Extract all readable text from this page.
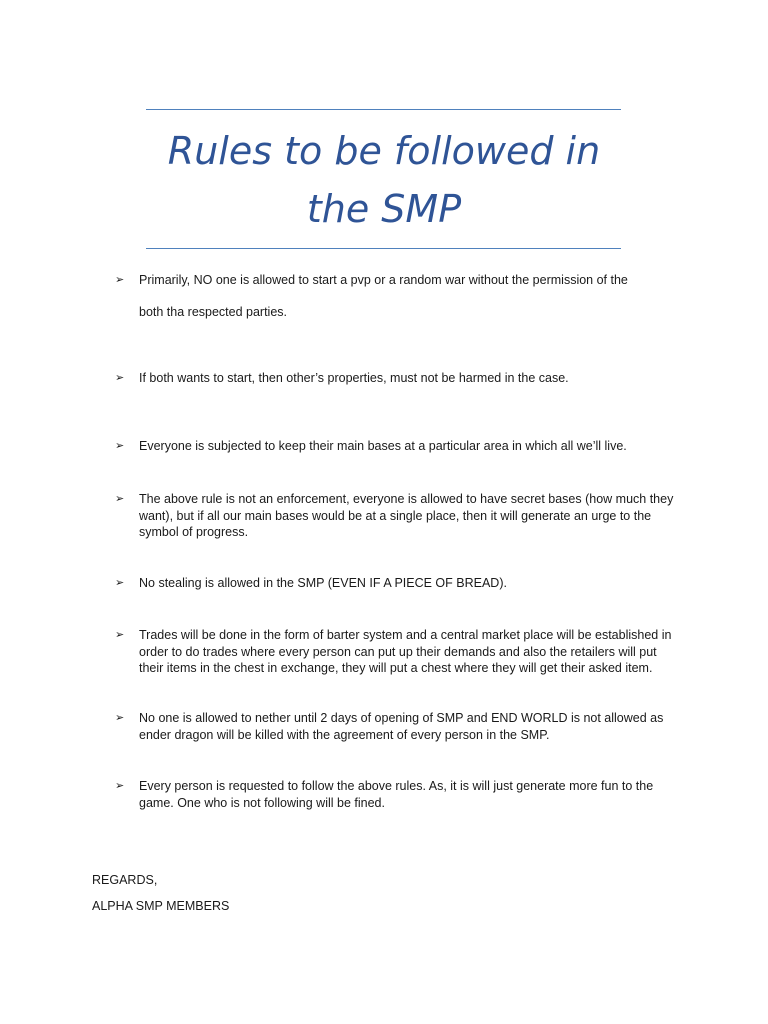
Rules to be followed in
the SMP
➢	Primarily, NO one is allowed to start a pvp or a random war without the permission of the

both tha respected parties.

➢	If both wants to start, then other’s properties, must not be harmed in the case.
➢	Everyone is subjected to keep their main bases at a particular area in which all we’ll live.
➢	The above rule is not an enforcement, everyone is allowed to have secret bases (how much they want), but if all our main bases would be at a single place, then it will generate an urge to the symbol of progress.
➢	No stealing is allowed in the SMP (EVEN IF A PIECE OF BREAD).
➢	Trades will be done in the form of barter system and a central market place will be established in order to do trades where every person can put up their demands and also the retailers will put their items in the chest in exchange, they will put a chest where they will get their asked item.
➢	No one is allowed to nether until 2 days of opening of SMP and END WORLD is not allowed as ender dragon will be killed with the agreement of every person in the SMP.
➢	Every person is requested to follow the above rules. As, it is will just generate more fun to the game. One who is not following will be fined.
REGARDS,
ALPHA SMP MEMBERS
